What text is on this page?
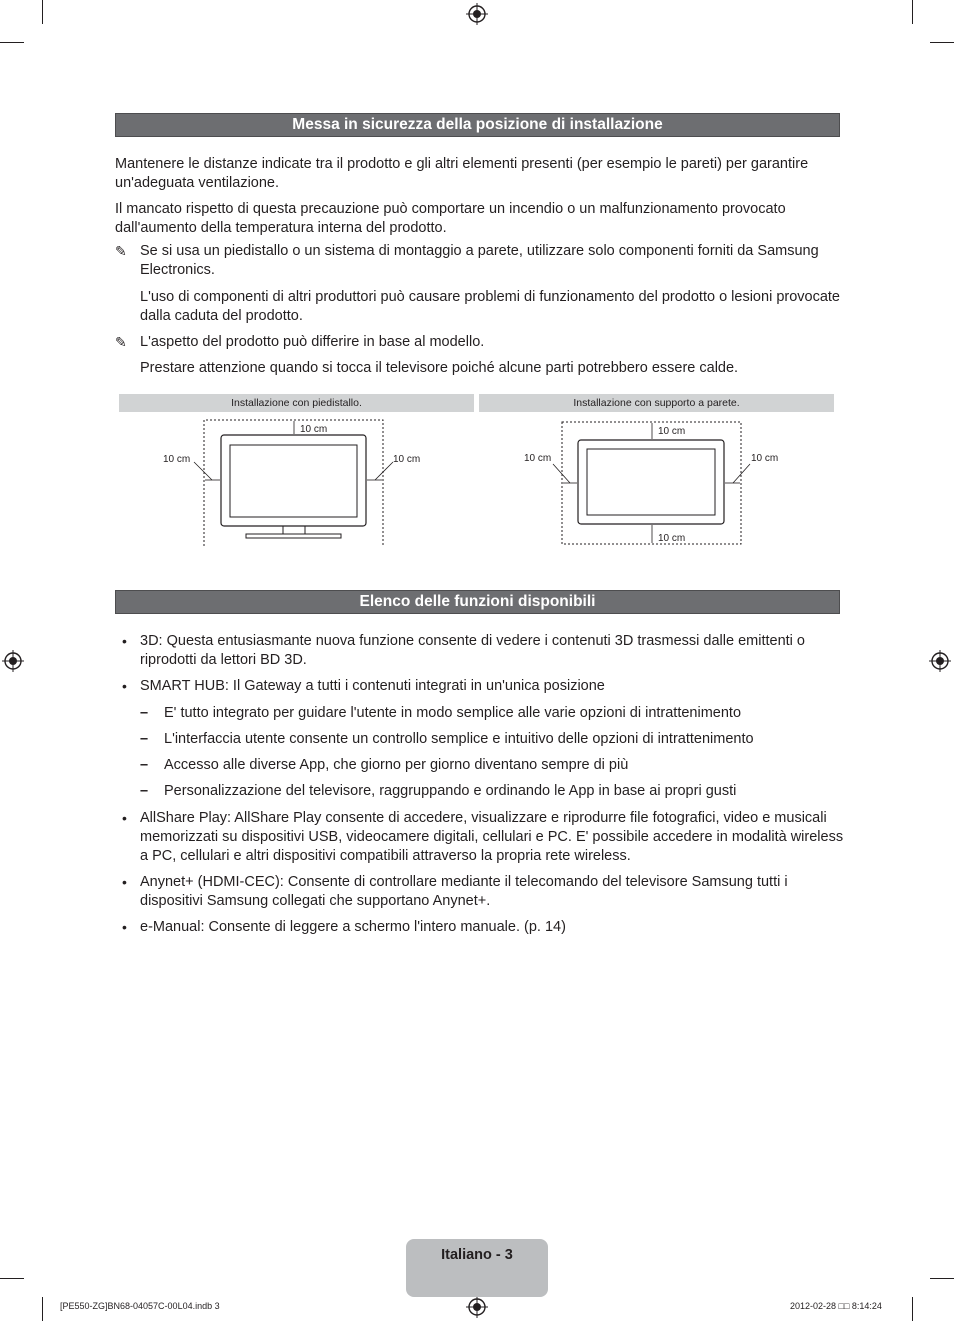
Messa in sicurezza della posizione di installazione
Mantenere le distanze indicate tra il prodotto e gli altri elementi presenti (per esempio le pareti) per garantire un'adeguata ventilazione.
Il mancato rispetto di questa precauzione può comportare un incendio o un malfunzionamento provocato dall'aumento della temperatura interna del prodotto.
✎ Se si usa un piedistallo o un sistema di montaggio a parete, utilizzare solo componenti forniti da Samsung Electronics.
L'uso di componenti di altri produttori può causare problemi di funzionamento del prodotto o lesioni provocate dalla caduta del prodotto.
✎ L'aspetto del prodotto può differire in base al modello.
Prestare attenzione quando si tocca il televisore poiché alcune parti potrebbero essere calde.
Installazione con piedistallo.	Installazione con supporto a parete.
10 cm
10 cm	10 cm
10 cm
10 cm	10 cm
10 cm
Elenco delle funzioni disponibili
• 3D: Questa entusiasmante nuova funzione consente di vedere i contenuti 3D trasmessi dalle emittenti o riprodotti da lettori BD 3D.
• SMART HUB: Il Gateway a tutti i contenuti integrati in un'unica posizione
– E' tutto integrato per guidare l'utente in modo semplice alle varie opzioni di intrattenimento
– L'interfaccia utente consente un controllo semplice e intuitivo delle opzioni di intrattenimento
– Accesso alle diverse App, che giorno per giorno diventano sempre di più
– Personalizzazione del televisore, raggruppando e ordinando le App in base ai propri gusti
• AllShare Play: AllShare Play consente di accedere, visualizzare e riprodurre file fotografici, video e musicali memorizzati su dispositivi USB, videocamere digitali, cellulari e PC. E' possibile accedere in modalità wireless a PC, cellulari e altri dispositivi compatibili attraverso la propria rete wireless.
• Anynet+ (HDMI-CEC): Consente di controllare mediante il telecomando del televisore Samsung tutti i dispositivi Samsung collegati che supportano Anynet+.
• e-Manual: Consente di leggere a schermo l'intero manuale. (p. 14)
Italiano - 3
[PE550-ZG]BN68-04057C-00L04.indb 3	2012-02-28 □□ 8:14:24
